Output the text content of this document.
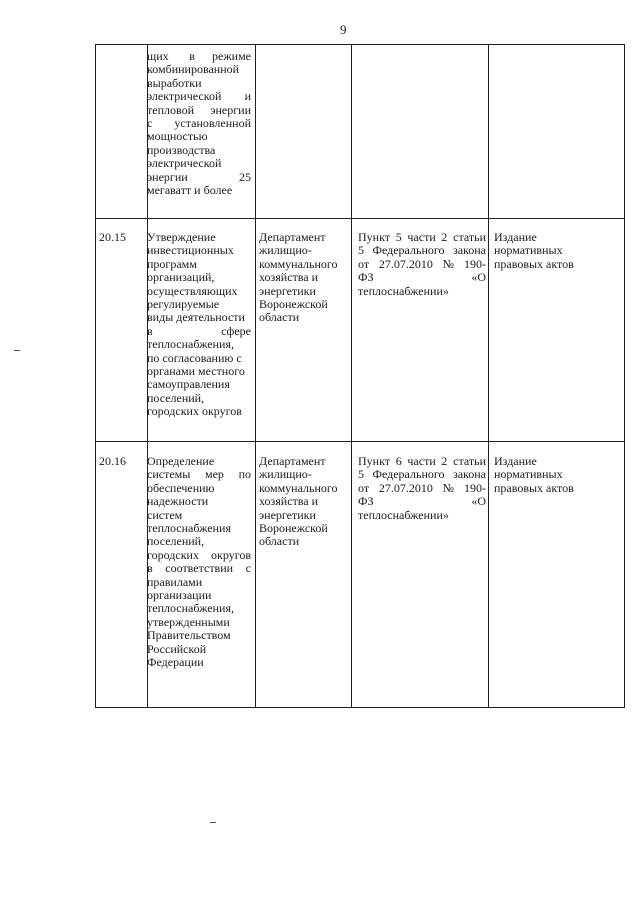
9
щих      в     режиме
комбинированной
выработки
электрической      и
тепловой   энергии
с    установленной
мощностью
производства
электрической
энергии              25
мегаватт и более
20.15 Утверждение
инвестиционных
программ
организаций,
осуществляющих
регулируемые
виды деятельности
в                 сфере
теплоснабжения,
по согласованию с
органами местного
самоуправления
поселений,
городских округов
Департамент
жилищно-
коммунального
хозяйства и
энергетики
Воронежской
области
Пункт 5 части 2 статьи
5 Федерального закона
от   27.07.2010   №   190-
ФЗ                             «О
теплоснабжении»
Издание
нормативных
правовых актов
20.16 Определение
системы   мер   по
обеспечению
надежности
систем
теплоснабжения
поселений,
городских   округов
в   соответствии   с
правилами
организации
теплоснабжения,
утвержденными
Правительством
Российской
Федерации
Департамент
жилищно-
коммунального
хозяйства и
энергетики
Воронежской
области
Пункт 6 части 2 статьи
5 Федерального закона
от   27.07.2010   №   190-
ФЗ                             «О
теплоснабжении»
Издание
нормативных
правовых актов
